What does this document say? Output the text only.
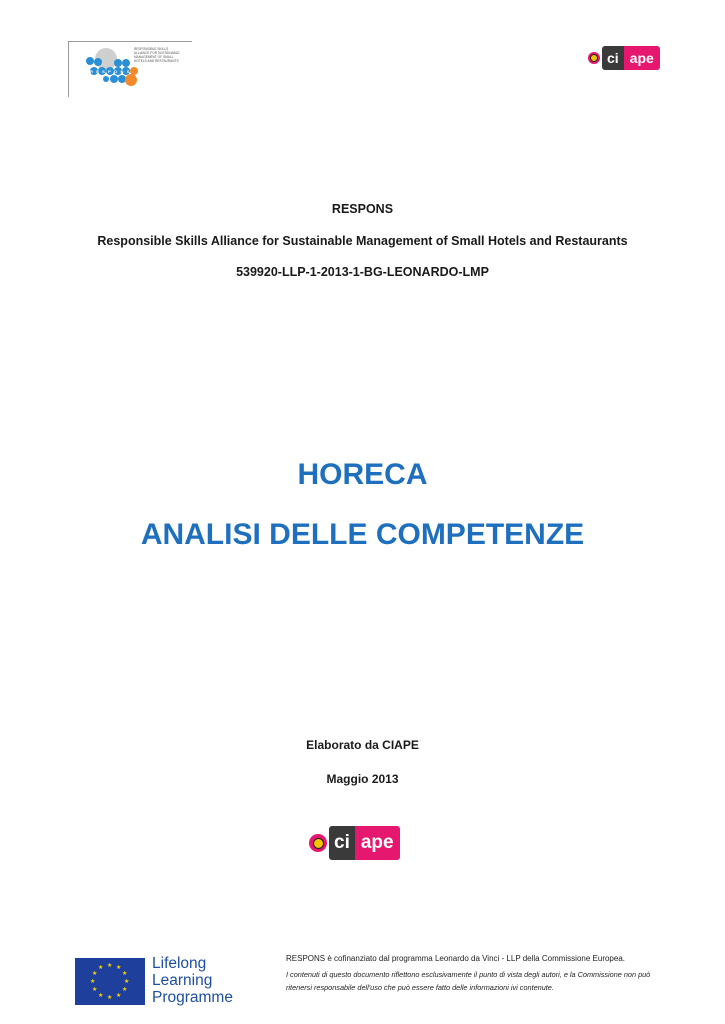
RESPONS
RESPONSIBLE SKILLS
ALLIANCE FOR SUSTAINABLE
MANAGEMENT OF SMALL
HOTELS AND RESTAURANTS	ci ape
RESPONS
Responsible Skills Alliance for Sustainable Management of Small Hotels and Restaurants
539920-LLP-1-2013-1-BG-LEONARDO-LMP
HORECA
ANALISI DELLE COMPETENZE
Elaborato da CIAPE
Maggio 2013
ci ape
★ ★
★
★
★
★
★
★
★
★
★
★	Lifelong
Learning
Programme
RESPONS è cofinanziato dal programma Leonardo da Vinci - LLP della Commissione Europea.
I contenuti di questo documento riflettono esclusivamente il punto di vista degli autori, e la Commissione non può ritenersi responsabile dell'uso che può essere fatto delle informazioni ivi contenute.
